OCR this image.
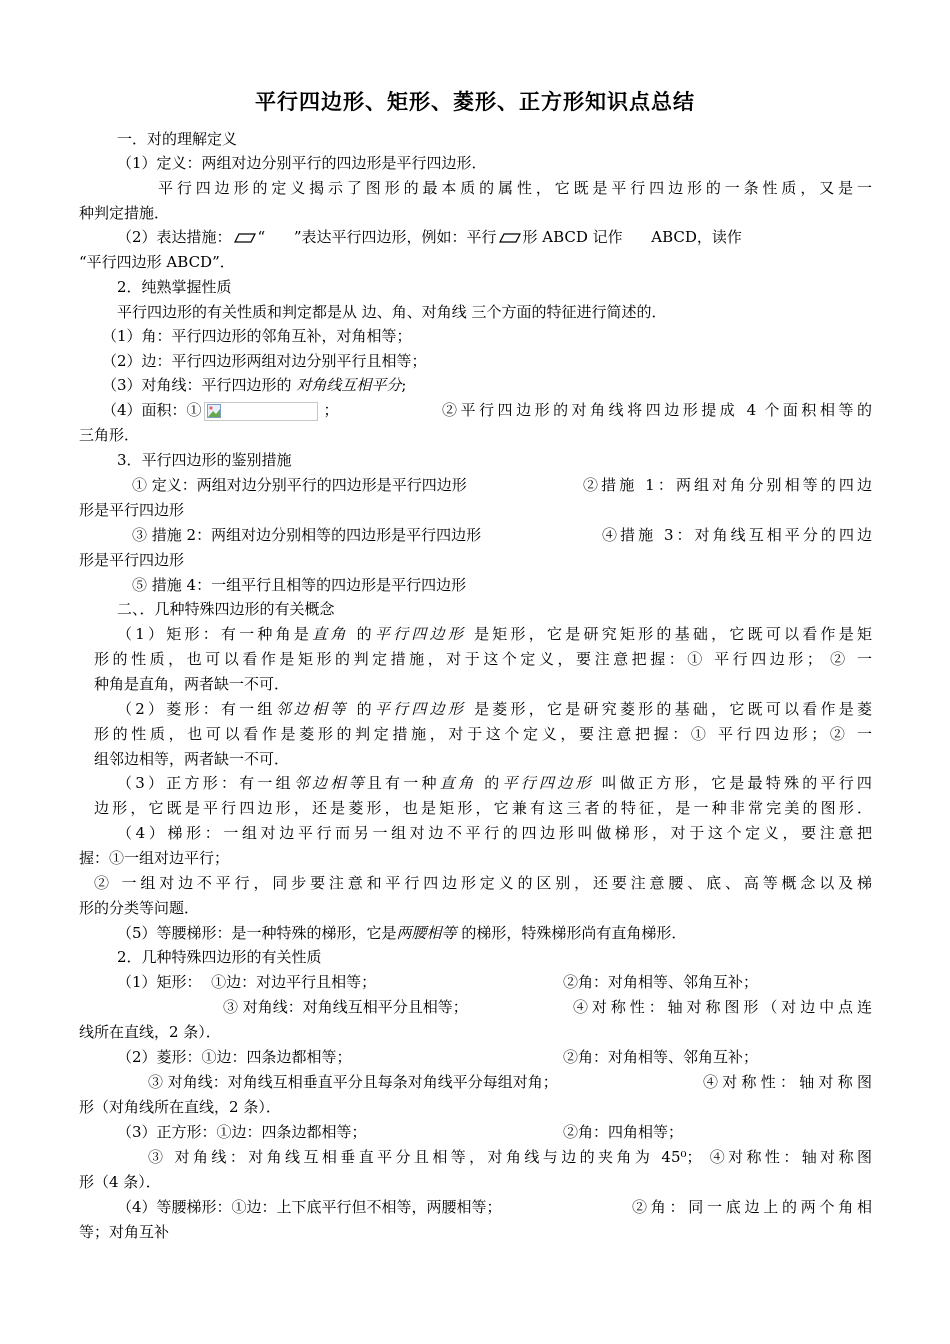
平行四边形、矩形、菱形、正方形知识点总结
一．对的理解定义
（1）定义：两组对边分别平行的四边形是平行四边形．
平行四边形的定义揭示了图形的最本质的属性，它既是平行四边形的一条性质，又是一
种判定措施．
（2）表达措施： “      ”表达平行四边形，例如：平行 形 ABCD 记作      ABCD，读作
“平行四边形 ABCD”．
2．纯熟掌握性质
平行四边形的有关性质和判定都是从 边、角、对角线 三个方面的特征进行简述的．
（1）角：平行四边形的邻角互补，对角相等；
（2）边：平行四边形两组对边分别平行且相等；
（3）对角线：平行四边形的 对角线互相平分;
（4）面积：①	；	②平行四边形的对角线将四边形提成 4 个面积相等的
三角形．
3．平行四边形的鉴别措施
① 定义：两组对边分别平行的四边形是平行四边形	②措施 1：两组对角分别相等的四边
形是平行四边形
③ 措施 2：两组对边分别相等的四边形是平行四边形	④措施 3：对角线互相平分的四边
形是平行四边形
⑤ 措施 4：一组平行且相等的四边形是平行四边形
二、．几种特殊四边形的有关概念
（1）矩形：有一种角是直角 的平行四边形 是矩形，它是研究矩形的基础，它既可以看作是矩
形的性质，也可以看作是矩形的判定措施，对于这个定义，要注意把握：① 平行四边形； ② 一
种角是直角，两者缺一不可．
（2）菱形：有一组邻边相等 的平行四边形 是菱形，它是研究菱形的基础，它既可以看作是菱
形的性质，也可以看作是菱形的判定措施，对于这个定义，要注意把握：① 平行四边形；② 一
组邻边相等，两者缺一不可．
（3）正方形：有一组邻边相等且有一种直角 的平行四边形 叫做正方形，它是最特殊的平行四
边形，它既是平行四边形，还是菱形，也是矩形，它兼有这三者的特征，是一种非常完美的图形．
（4）梯形：一组对边平行而另一组对边不平行的四边形叫做梯形，对于这个定义，要注意把
握：①一组对边平行；
② 一组对边不平行，同步要注意和平行四边形定义的区别，还要注意腰、底、高等概念以及梯
形的分类等问题．
（5）等腰梯形：是一种特殊的梯形，它是两腰相等 的梯形，特殊梯形尚有直角梯形．
2．几种特殊四边形的有关性质
（1）矩形：  ①边：对边平行且相等；	②角：对角相等、邻角互补；
③ 对角线：对角线互相平分且相等；	④对称性：轴对称图形（对边中点连
线所在直线，2 条）．
（2）菱形：①边：四条边都相等；	②角：对角相等、邻角互补；
③ 对角线：对角线互相垂直平分且每条对角线平分每组对角；	④对称性：轴对称图
形（对角线所在直线，2 条）．
（3）正方形：①边：四条边都相等；	②角：四角相等；
③ 对角线：对角线互相垂直平分且相等，对角线与边的夹角为 45⁰； ④对称性：轴对称图
形（4 条）．
（4）等腰梯形：①边：上下底平行但不相等，两腰相等；	②角：同一底边上的两个角相
等；对角互补
